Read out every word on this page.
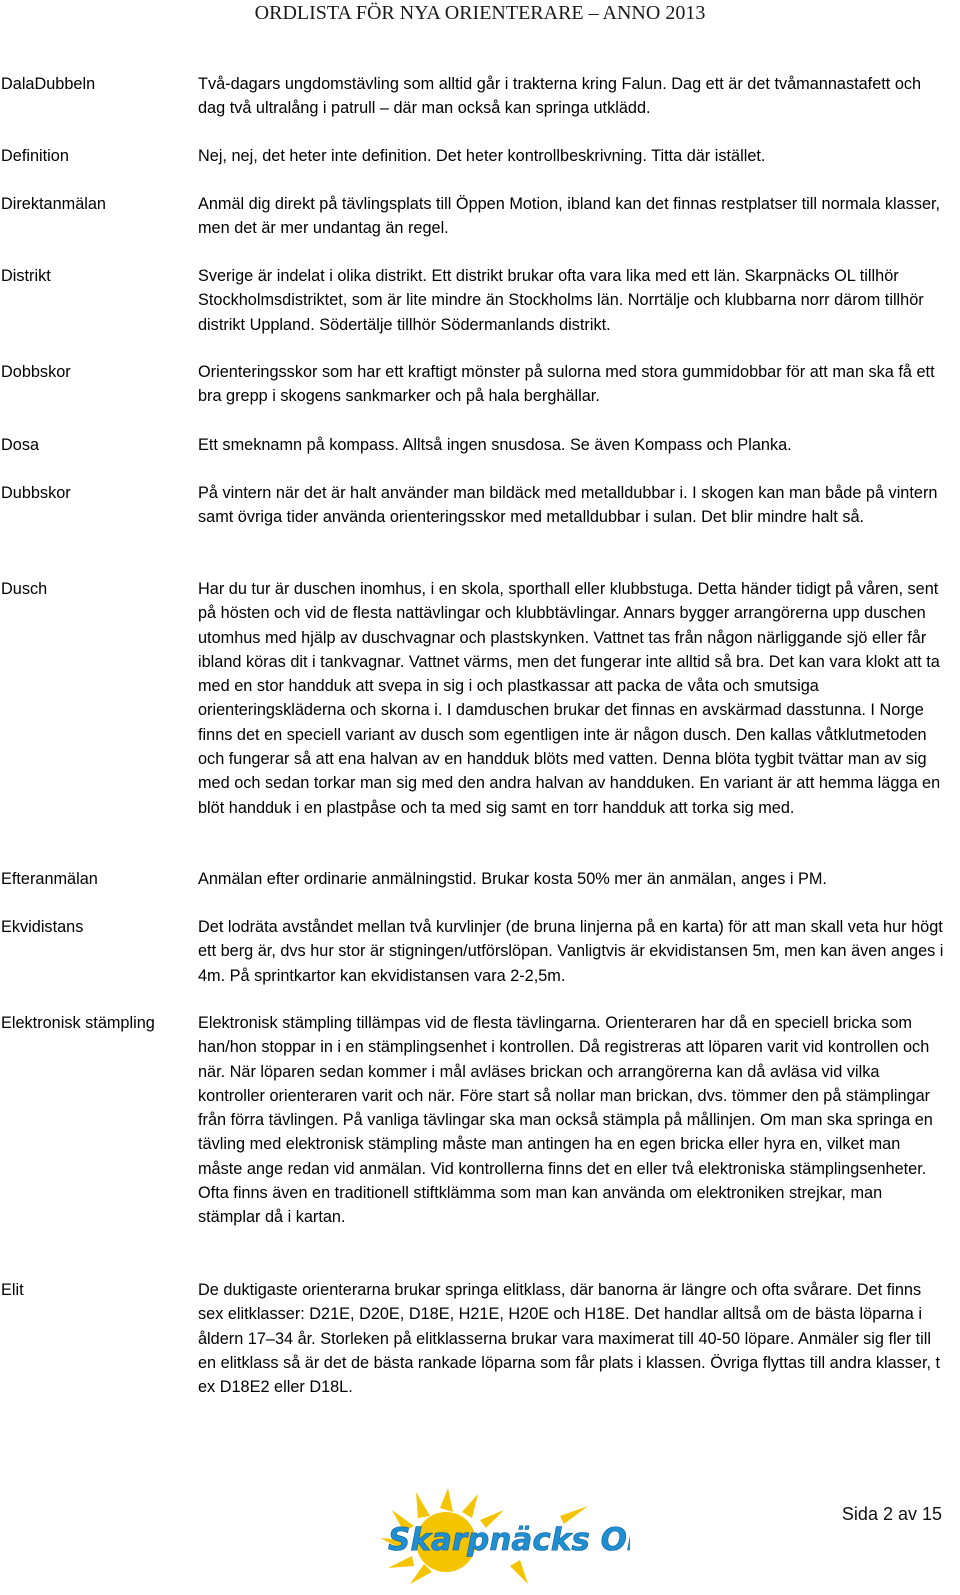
ORDLISTA FÖR NYA ORIENTERARE – ANNO 2013
DalaDubbeln	Två-dagars ungdomstävling som alltid går i trakterna kring Falun. Dag ett är det tvåmannastafett och dag två ultralång i patrull – där man också kan springa utklädd.
Definition	Nej, nej, det heter inte definition. Det heter kontrollbeskrivning. Titta där istället.
Direktanmälan	Anmäl dig direkt på tävlingsplats till Öppen Motion, ibland kan det finnas restplatser till normala klasser, men det är mer undantag än regel.
Distrikt	Sverige är indelat i olika distrikt. Ett distrikt brukar ofta vara lika med ett län. Skarpnäcks OL tillhör Stockholmsdistriktet, som är lite mindre än Stockholms län. Norrtälje och klubbarna norr därom tillhör distrikt Uppland. Södertälje tillhör Södermanlands distrikt.
Dobbskor	Orienteringsskor som har ett kraftigt mönster på sulorna med stora gummidobbar för att man ska få ett bra grepp i skogens sankmarker och på hala berghällar.
Dosa	Ett smeknamn på kompass. Alltså ingen snusdosa. Se även Kompass och Planka.
Dubbskor	På vintern när det är halt använder man bildäck med metalldubbar i. I skogen kan man både på vintern samt övriga tider använda orienteringsskor med metalldubbar i sulan. Det blir mindre halt så.
Dusch	Har du tur är duschen inomhus, i en skola, sporthall eller klubbstuga. Detta händer tidigt på våren, sent på hösten och vid de flesta nattävlingar och klubbtävlingar. Annars bygger arrangörerna upp duschen utomhus med hjälp av duschvagnar och plastskynken. Vattnet tas från någon närliggande sjö eller får ibland köras dit i tankvagnar. Vattnet värms, men det fungerar inte alltid så bra. Det kan vara klokt att ta med en stor handduk att svepa in sig i och plastkassar att packa de våta och smutsiga orienteringskläderna och skorna i. I damduschen brukar det finnas en avskärmad dasstunna. I Norge finns det en speciell variant av dusch som egentligen inte är någon dusch. Den kallas våtklutmetoden och fungerar så att ena halvan av en handduk blöts med vatten. Denna blöta tygbit tvättar man av sig med och sedan torkar man sig med den andra halvan av handduken. En variant är att hemma lägga en blöt handduk i en plastpåse och ta med sig samt en torr handduk att torka sig med.
Efteranmälan	Anmälan efter ordinarie anmälningstid. Brukar kosta 50% mer än anmälan, anges i PM.
Ekvidistans	Det lodräta avståndet mellan två kurvlinjer (de bruna linjerna på en karta) för att man skall veta hur högt ett berg är, dvs hur stor är stigningen/utförslöpan. Vanligtvis är ekvidistansen 5m, men kan även anges i 4m. På sprintkartor kan ekvidistansen vara 2-2,5m.
Elektronisk stämpling	Elektronisk stämpling tillämpas vid de flesta tävlingarna. Orienteraren har då en speciell bricka som han/hon stoppar in i en stämplingsenhet i kontrollen. Då registreras att löparen varit vid kontrollen och när. När löparen sedan kommer i mål avläses brickan och arrangörerna kan då avläsa vid vilka kontroller orienteraren varit och när. Före start så nollar man brickan, dvs. tömmer den på stämplingar från förra tävlingen. På vanliga tävlingar ska man också stämpla på mållinjen. Om man ska springa en tävling med elektronisk stämpling måste man antingen ha en egen bricka eller hyra en, vilket man måste ange redan vid anmälan. Vid kontrollerna finns det en eller två elektroniska stämplingsenheter. Ofta finns även en traditionell stiftklämma som man kan använda om elektroniken strejkar, man stämplar då i kartan.
Elit	De duktigaste orienterarna brukar springa elitklass, där banorna är längre och ofta svårare. Det finns sex elitklasser: D21E, D20E, D18E, H21E, H20E och H18E. Det handlar alltså om de bästa löparna i åldern 17–34 år. Storleken på elitklasserna brukar vara maximerat till 40-50 löpare. Anmäler sig fler till en elitklass så är det de bästa rankade löparna som får plats i klassen. Övriga flyttas till andra klasser, t ex D18E2 eller D18L.
Skarpnäcks OL
Sida 2 av 15
